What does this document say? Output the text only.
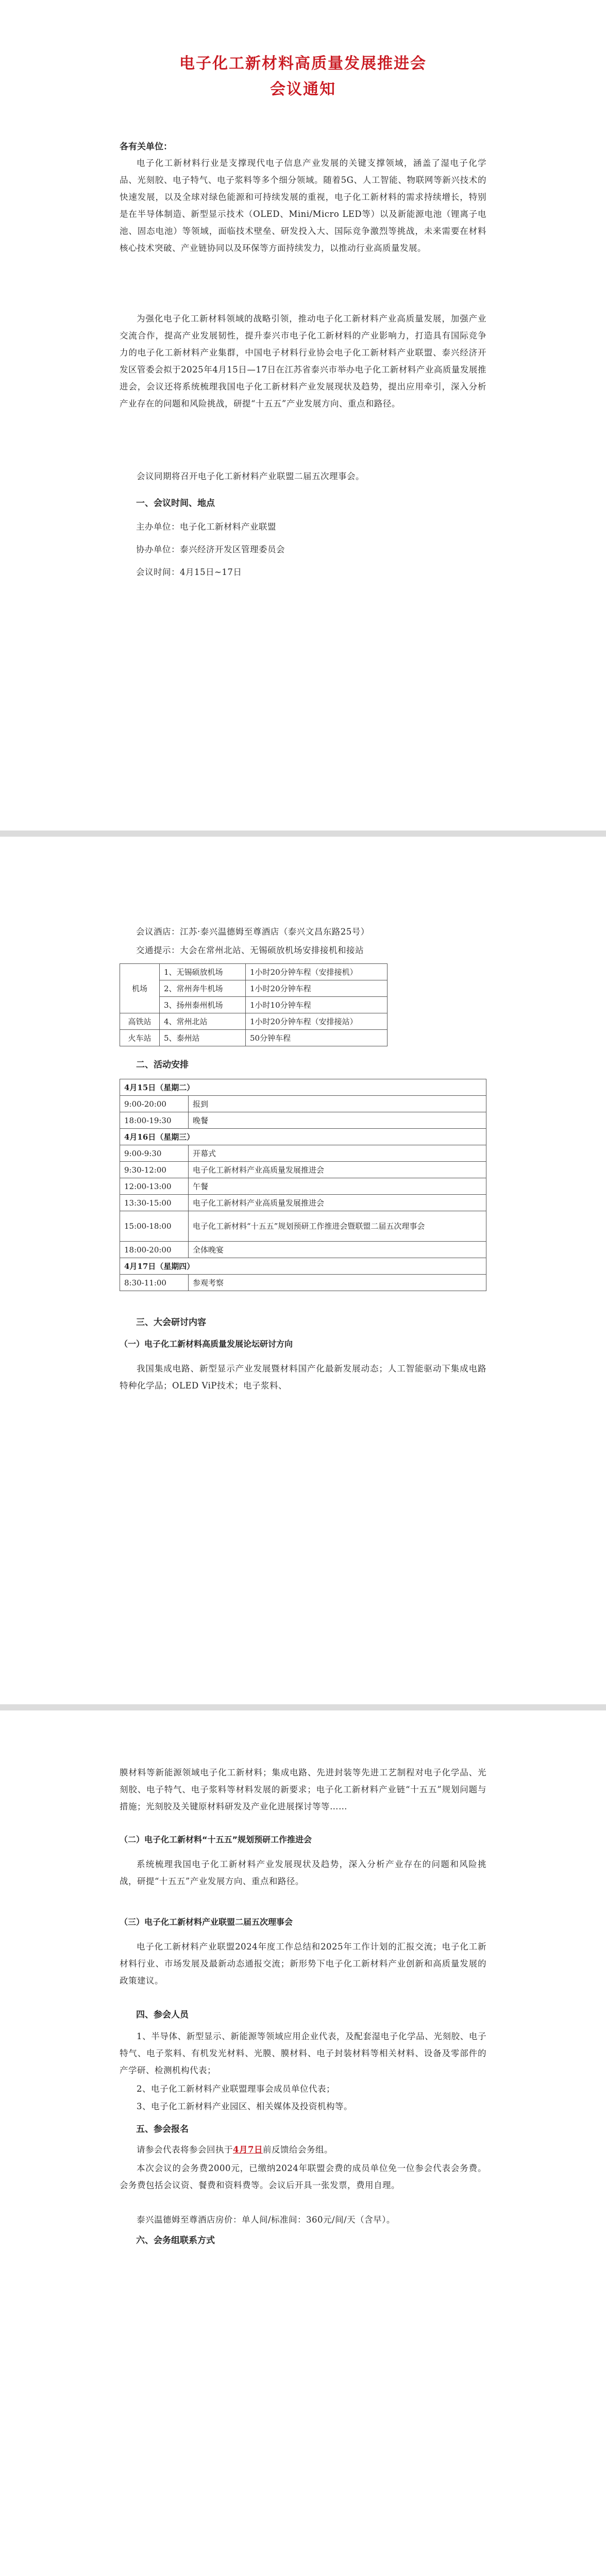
电子化工新材料高质量发展推进会
会议通知
各有关单位：

电子化工新材料行业是支撑现代电子信息产业发展的关键支撑领域，涵盖了湿电子化学品、光刻胶、电子特气、电子浆料等多个细分领域。随着5G、人工智能、物联网等新兴技术的快速发展，以及全球对绿色能源和可持续发展的重视，电子化工新材料的需求持续增长，特别是在半导体制造、新型显示技术（OLED、Mini/Micro LED等）以及新能源电池（锂离子电池、固态电池）等领域，面临技术壁垒、研发投入大、国际竞争激烈等挑战，未来需要在材料核心技术突破、产业链协同以及环保等方面持续发力，以推动行业高质量发展。

为强化电子化工新材料领域的战略引领，推动电子化工新材料产业高质量发展，加强产业交流合作，提高产业发展韧性，提升泰兴市电子化工新材料的产业影响力，打造具有国际竞争力的电子化工新材料产业集群，中国电子材料行业协会电子化工新材料产业联盟、泰兴经济开发区管委会拟于2025年4月15日—17日在江苏省泰兴市举办电子化工新材料产业高质量发展推进会，会议还将系统梳理我国电子化工新材料产业发展现状及趋势，提出应用牵引，深入分析产业存在的问题和风险挑战，研提“十五五”产业发展方向、重点和路径。

会议同期将召开电子化工新材料产业联盟二届五次理事会。

一、会议时间、地点
主办单位：电子化工新材料产业联盟
协办单位：泰兴经济开发区管理委员会
会议时间：4月15日~17日
会议酒店：江苏·泰兴温德姆至尊酒店（泰兴文昌东路25号）
交通提示：大会在常州北站、无锡硕放机场安排接机和接站
机场	1、无锡硕放机场	1小时20分钟车程（安排接机）
	2、常州奔牛机场	1小时20分钟车程
	3、扬州泰州机场	1小时10分钟车程
高铁站	4、常州北站	1小时20分钟车程（安排接站）
火车站	5、泰州站	50分钟车程
二、活动安排
4月15日（星期二）	
9:00-20:00	报到
18:00-19:30	晚餐
4月16日（星期三）	
9:00-9:30	开幕式
9:30-12:00	电子化工新材料产业高质量发展推进会
12:00-13:00	午餐
13:30-15:00	电子化工新材料产业高质量发展推进会
15:00-18:00	电子化工新材料“十五五”规划预研工作推进会暨联盟二届五次理事会
18:00-20:00	全体晚宴
4月17日（星期四）	
8:30-11:00	参观考察
三、大会研讨内容
（一）电子化工新材料高质量发展论坛研讨方向

我国集成电路、新型显示产业发展暨材料国产化最新发展动态；人工智能驱动下集成电路特种化学品；OLED ViP技术；电子浆料、

膜材料等新能源领域电子化工新材料；集成电路、先进封装等先进工艺制程对电子化学品、光刻胶、电子特气、电子浆料等材料发展的新要求；电子化工新材料产业链“十五五”规划问题与措施；光刻胶及关键原材料研发及产业化进展探讨等等……

（二）电子化工新材料“十五五”规划预研工作推进会

系统梳理我国电子化工新材料产业发展现状及趋势，深入分析产业存在的问题和风险挑战，研提“十五五”产业发展方向、重点和路径。

（三）电子化工新材料产业联盟二届五次理事会

电子化工新材料产业联盟2024年度工作总结和2025年工作计划的汇报交流；电子化工新材料行业、市场发展及最新动态通报交流；新形势下电子化工新材料产业创新和高质量发展的政策建议。

四、参会人员

1、半导体、新型显示、新能源等领域应用企业代表，及配套湿电子化学品、光刻胶、电子特气、电子浆料、有机发光材料、光膜、膜材料、电子封装材料等相关材料、设备及零部件的产学研、检测机构代表；

2、电子化工新材料产业联盟理事会成员单位代表；

3、电子化工新材料产业园区、相关媒体及投资机构等。

五、参会报名

请参会代表将参会回执于4月7日前反馈给会务组。

本次会议的会务费2000元，已缴纳2024年联盟会费的成员单位免一位参会代表会务费。会务费包括会议资、餐费和资料费等。会议后开具一张发票，费用自理。

泰兴温德姆至尊酒店房价：单人间/标准间：360元/间/天（含早）。

六、会务组联系方式
